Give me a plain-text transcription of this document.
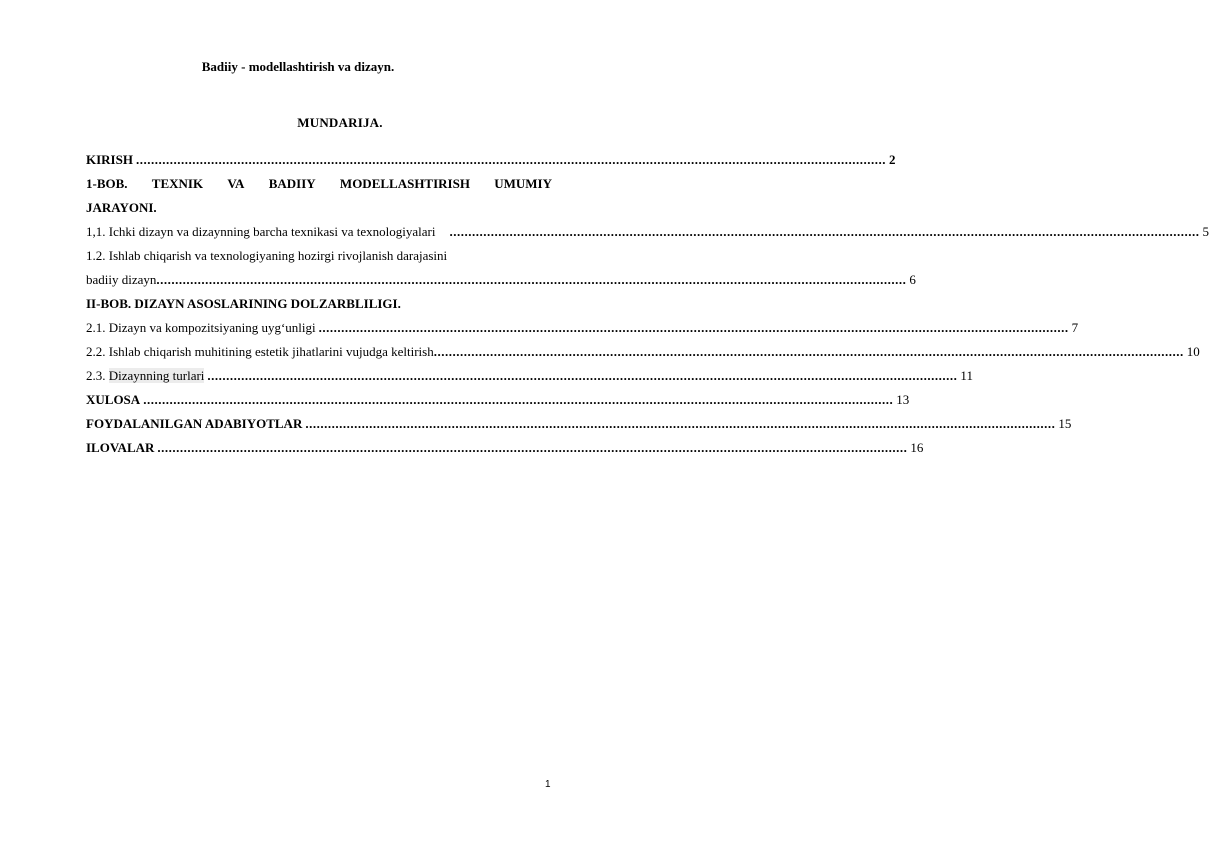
Badiiy - modellashtirish va dizayn.
MUNDARIJA.
KIRISH ........................................................................................................................................................................................................ 2
1-BOB. TEXNIK VA BADIIY MODELLASHTIRISH UMUMIY
JARAYONI.
1,1. Ichki dizayn va dizaynning barcha texnikasi va texnologiyalari ........................................................................................................................................................................................................ 5
1.2. Ishlab chiqarish va texnologiyaning hozirgi rivojlanish darajasini
badiiy dizayn ........................................................................................................................................................................................................ 6
II-BOB. DIZAYN ASOSLARINING DOLZARBLILIGI.
2.1. Dizayn va kompozitsiyaning uyg‘unligi ........................................................................................................................................................................................................ 7
2.2. Ishlab chiqarish muhitining estetik jihatlarini vujudga keltirish ........................................................................................................................................................................................................ 10
2.3. Dizaynning turlari ........................................................................................................................................................................................................ 11
XULOSA ........................................................................................................................................................................................................ 13
FOYDALANILGAN ADABIYOTLAR ........................................................................................................................................................................................................ 15
ILOVALAR ........................................................................................................................................................................................................ 16
1
